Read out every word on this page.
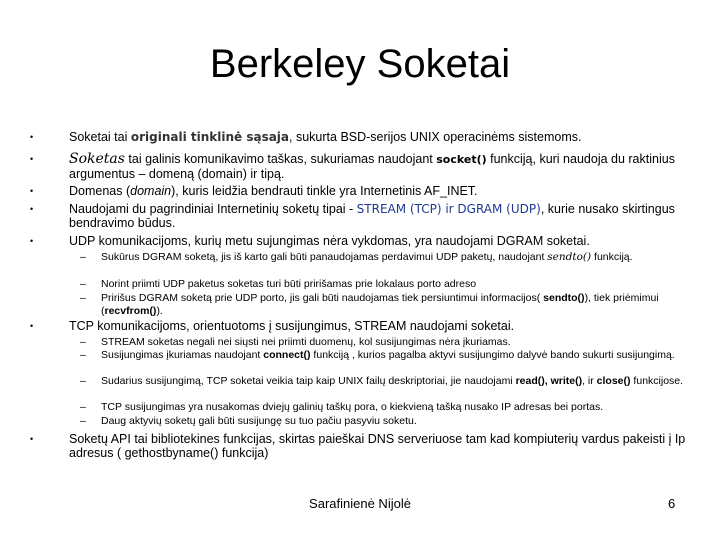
Berkeley Soketai
•	Soketai tai originali tinklinė sąsaja, sukurta BSD-serijos UNIX operacinėms sistemoms.
•	Soketas tai galinis komunikavimo taškas, sukuriamas naudojant socket() funkciją, kuri naudoja du raktinius argumentus – domeną (domain) ir tipą.
•	Domenas (domain), kuris leidžia bendrauti tinkle yra Internetinis AF_INET.
•	Naudojami du pagrindiniai Internetinių soketų tipai - STREAM (TCP) ir DGRAM (UDP), kurie nusako skirtingus bendravimo būdus.
•	UDP komunikacijoms, kurių metu sujungimas nėra vykdomas, yra naudojami DGRAM soketai.
– Sukūrus DGRAM soketą, jis iš karto gali būti panaudojamas perdavimui UDP paketų, naudojant sendto() funkciją.
– Norint priimti UDP paketus soketas turi būti pririšamas prie lokalaus porto adreso
– Pririšus DGRAM soketą prie UDP porto, jis gali būti naudojamas tiek persiuntimui informacijos( sendto()), tiek priėmimui (recvfrom()).
•	TCP komunikacijoms, orientuotoms į susijungimus, STREAM naudojami soketai.
– STREAM soketas negali nei siųsti nei priimti duomenų, kol susijungimas nėra įkuriamas.
– Susijungimas įkuriamas naudojant connect() funkciją , kurios pagalba aktyvi susijungimo dalyvė bando sukurti susijungimą.
– Sudarius susijungimą, TCP soketai veikia taip kaip UNIX failų deskriptoriai, jie naudojami read(), write(), ir close() funkcijose.
– TCP susijungimas yra nusakomas dviejų galinių taškų pora, o kiekvieną tašką nusako IP adresas bei portas.
– Daug aktyvių soketų gali būti susijungę su tuo pačiu pasyviu soketu.
•	Soketų API tai bibliotekines funkcijas, skirtas paieškai DNS serveriuose tam kad kompiuterių vardus pakeisti į Ip adresus ( gethostbyname() funkcija)
Sarafinienė Nijolė	6
